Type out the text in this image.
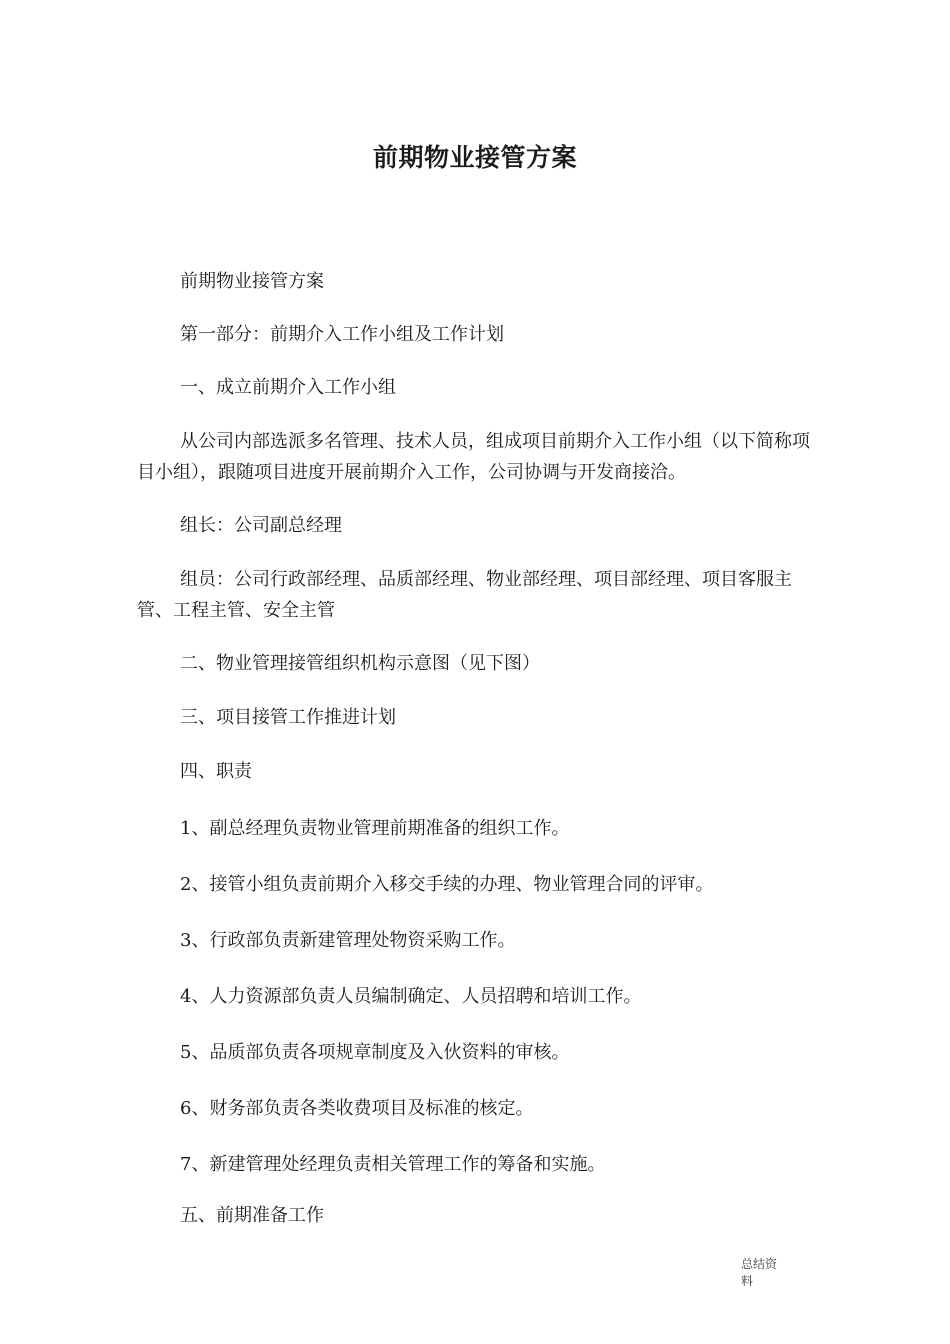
前期物业接管方案

前期物业接管方案

第一部分：前期介入工作小组及工作计划

一、成立前期介入工作小组

从公司内部选派多名管理、技术人员，组成项目前期介入工作小组（以下简称项目小组），跟随项目进度开展前期介入工作，公司协调与开发商接洽。

组长：公司副总经理

组员：公司行政部经理、品质部经理、物业部经理、项目部经理、项目客服主管、工程主管、安全主管

二、物业管理接管组织机构示意图（见下图）

三、项目接管工作推进计划

四、职责

1、副总经理负责物业管理前期准备的组织工作。

2、接管小组负责前期介入移交手续的办理、物业管理合同的评审。

3、行政部负责新建管理处物资采购工作。

4、人力资源部负责人员编制确定、人员招聘和培训工作。

5、品质部负责各项规章制度及入伙资料的审核。

6、财务部负责各类收费项目及标准的核定。

7、新建管理处经理负责相关管理工作的筹备和实施。

五、前期准备工作

总结资料
